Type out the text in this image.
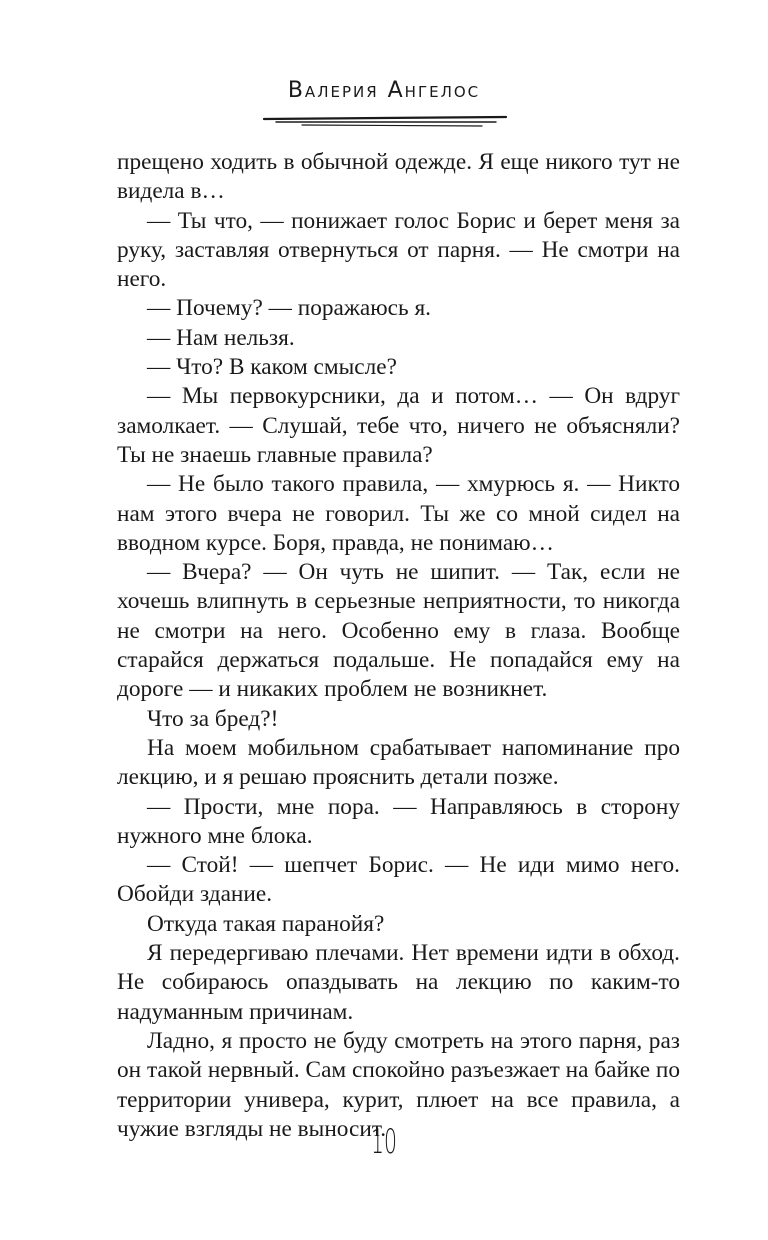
Валерия Ангелос

прещено ходить в обычной одежде. Я еще никого тут не видела в…

— Ты что, — понижает голос Борис и берет меня за руку, заставляя отвернуться от парня. — Не смотри на него.

— Почему? — поражаюсь я.

— Нам нельзя.

— Что? В каком смысле?

— Мы первокурсники, да и потом… — Он вдруг замолкает. — Слушай, тебе что, ничего не объясняли? Ты не знаешь главные правила?

— Не было такого правила, — хмурюсь я. — Никто нам этого вчера не говорил. Ты же со мной сидел на вводном курсе. Боря, правда, не понимаю…

— Вчера? — Он чуть не шипит. — Так, если не хочешь влипнуть в серьезные неприятности, то никогда не смотри на него. Особенно ему в глаза. Вообще старайся держаться подальше. Не попадайся ему на дороге — и никаких проблем не возникнет.

Что за бред?!

На моем мобильном срабатывает напоминание про лекцию, и я решаю прояснить детали позже.

— Прости, мне пора. — Направляюсь в сторону нужного мне блока.

— Стой! — шепчет Борис. — Не иди мимо него. Обойди здание.

Откуда такая паранойя?

Я передергиваю плечами. Нет времени идти в обход. Не собираюсь опаздывать на лекцию по каким-то надуманным причинам.

Ладно, я просто не буду смотреть на этого парня, раз он такой нервный. Сам спокойно разъезжает на байке по территории универа, курит, плюет на все правила, а чужие взгляды не выносит.

10
